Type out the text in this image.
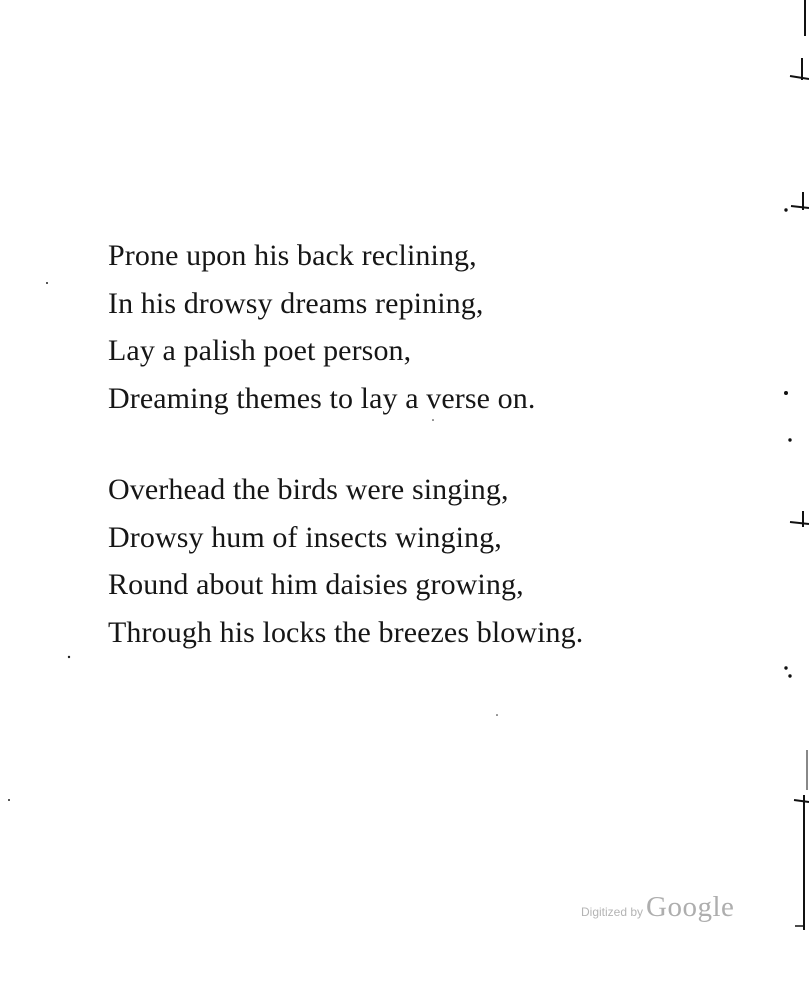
Prone upon his back reclining,
In his drowsy dreams repining,
Lay a palish poet person,
Dreaming themes to lay a verse on.
Overhead the birds were singing,
Drowsy hum of insects winging,
Round about him daisies growing,
Through his locks the breezes blowing.
Digitized by Google
